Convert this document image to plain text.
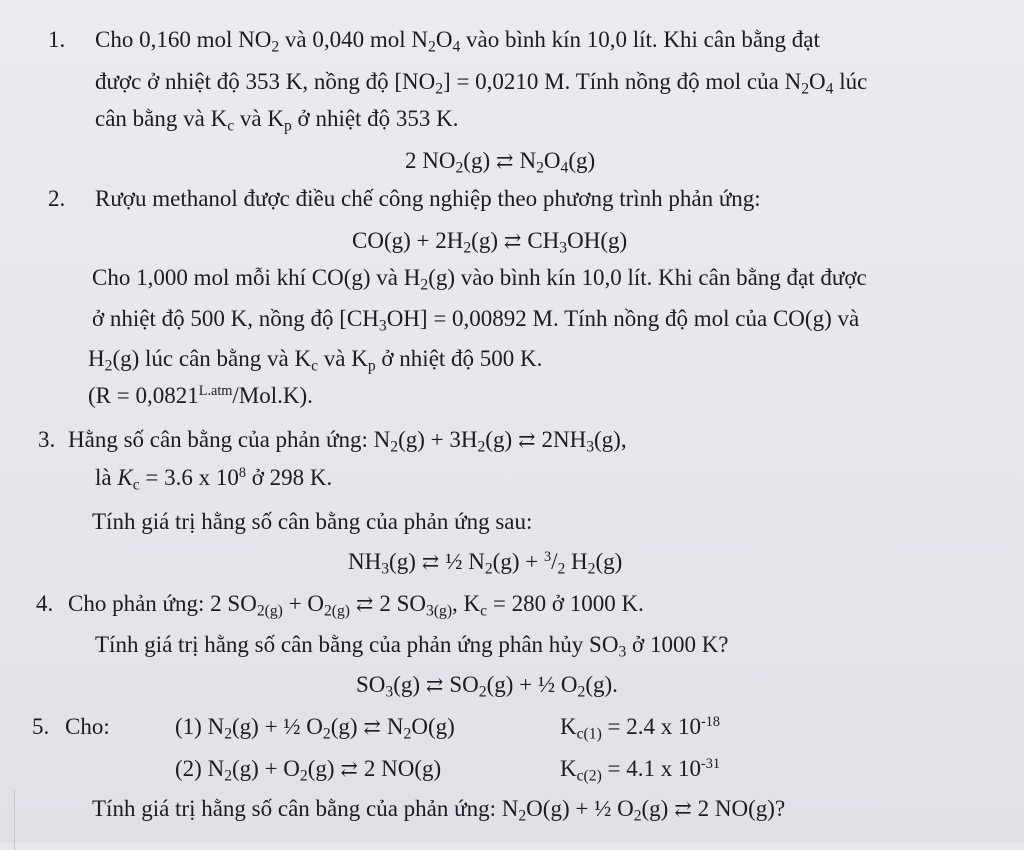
1. Cho 0,160 mol $NO_2$ và 0,040 mol $N_2O_4$ vào bình kín 10,0 lít. Khi cân bằng đạt
được ở nhiệt độ 353 K, nồng độ $[NO_2] = 0,0210$ M. Tính nồng độ mol của $N_2O_4$ lúc
cân bằng và $K_c$ và $K_p$ ở nhiệt độ 353 K.
2 $NO_2(g)$ ⇄ $N_2O_4(g)$
2. Rượu methanol được điều chế công nghiệp theo phương trình phản ứng:
$CO(g) + 2H_2(g)$ ⇄ $CH_3OH(g)$
Cho 1,000 mol mỗi khí CO(g) và $H_2(g)$ vào bình kín 10,0 lít. Khi cân bằng đạt được
ở nhiệt độ 500 K, nồng độ $[CH_3OH] = 0,00892$ M. Tính nồng độ mol của CO(g) và
$H_2(g)$ lúc cân bằng và $K_c$ và $K_p$ ở nhiệt độ 500 K.
$(R = 0,0821^{L.atm}/Mol.K)$.
3. Hằng số cân bằng của phản ứng: $N_2(g) + 3H_2(g)$ ⇄ $2NH_3(g)$,
là $K_c = 3.6$ x $10^8$ ở 298 K.
Tính giá trị hằng số cân bằng của phản ứng sau:
$NH_3(g)$ ⇄ ½ $N_2(g) + ^3/_2$ $H_2(g)$
4. Cho phản ứng: 2 $SO_{2(g)} + O_{2(g)}$ ⇄ 2 $SO_{3(g)}$, $K_c = 280$ ở 1000 K.
Tính giá trị hằng số cân bằng của phản ứng phân hủy $SO_3$ ở 1000 K?
$SO_3(g)$ ⇄ $SO_2(g)$ + ½ $O_2(g)$.
5. Cho:	(1) $N_2(g)$ + ½ $O_2(g)$ ⇄ $N_2O(g)$	$K_{c(1)} = 2.4$ x $10^{-18}$
(2) $N_2(g) + O_2(g)$ ⇄ 2 NO(g)	$K_{c(2)} = 4.1$ x $10^{-31}$
Tính giá trị hằng số cân bằng của phản ứng: $N_2O(g)$ + ½ $O_2(g)$ ⇄ 2 NO(g)?
